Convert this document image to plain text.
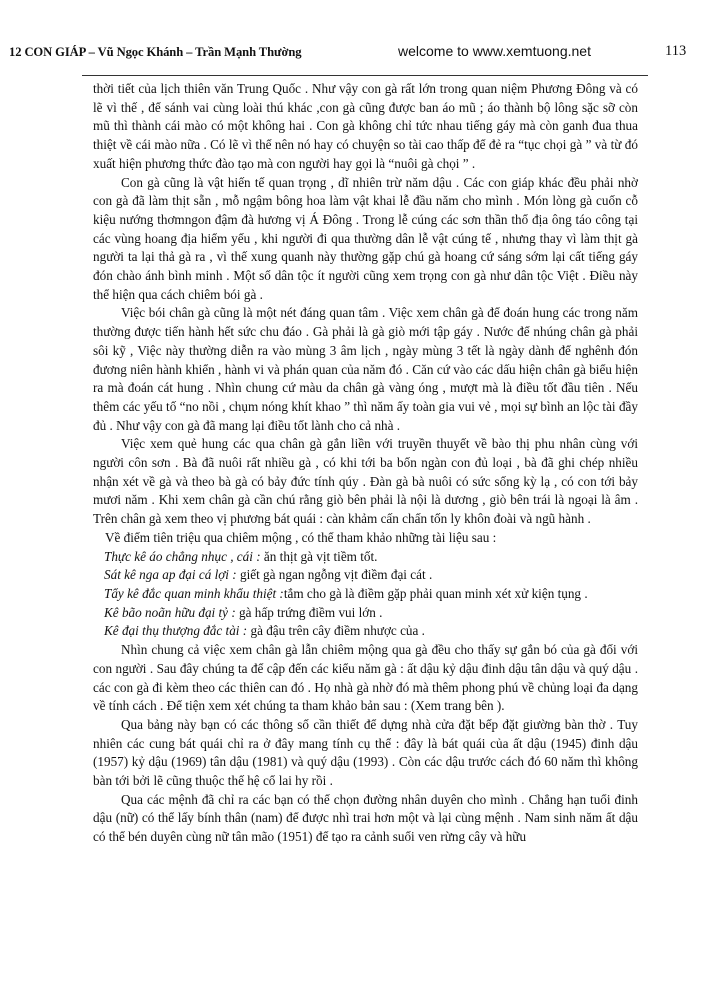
12 CON GIÁP – Vũ Ngọc Khánh – Trần Mạnh Thường	welcome to www.xemtuong.net	113

thời tiết của lịch thiên văn Trung Quốc . Như vậy con gà rất lớn trong quan niệm Phương Đông và có lẽ vì thế , để sánh vai cùng loài thú khác ,con gà cũng được ban áo mũ ; áo thành bộ lông sặc sỡ còn mũ thì thành cái mào có một không hai . Con gà không chỉ tức nhau tiếng gáy mà còn ganh đua thua thiệt về cái mào nữa . Có lẽ vì thế nên nó hay có chuyện so tài cao thấp để đẻ ra “tục chọi gà ” và từ đó xuất hiện phương thức đào tạo mà con người hay gọi là “nuôi gà chọi ” .

Con gà cũng là vật hiến tế quan trọng , dĩ nhiên trừ năm dậu . Các con giáp khác đều phải nhờ con gà đã làm thịt sẵn , mỗ ngậm bông hoa làm vật khai lễ đầu năm cho mình . Món lòng gà cuốn cỗ kiệu nướng thơmngon đậm đà hương vị Á Đông . Trong lễ cúng các sơn thần thổ địa ông táo công tại các vùng hoang địa hiểm yếu , khi người đi qua thường dân lễ vật cúng tế , nhưng thay vì làm thịt gà người ta lại thả gà ra , vì thế xung quanh này thường gặp chú gà hoang cứ sáng sớm lại cất tiếng gáy đón chào ánh bình minh . Một số dân tộc ít người cũng xem trọng con gà như dân tộc Việt . Điều này thể hiện qua cách chiêm bói gà .

Việc bói chân gà cũng là một nét đáng quan tâm . Việc xem chân gà để đoán hung các trong năm thường được tiến hành hết sức chu đáo . Gà phải là gà giò mới tập gáy . Nước để nhúng chân gà phải sôi kỹ , Việc này thường diễn ra vào mùng 3 âm lịch , ngày mùng 3 tết là ngày dành để nghênh đón đương niên hành khiển , hành vi và phán quan của năm đó . Căn cứ vào các dấu hiện chân gà biểu hiện ra mà đoán cát hung . Nhìn chung cứ màu da chân gà vàng óng , mượt mà là điều tốt đầu tiên . Nếu thêm các yếu tố “no nồi , chụm nóng khít khao ” thì năm ấy toàn gia vui vẻ , mọi sự bình an lộc tài đầy đủ . Như vậy con gà đã mang lại điều tốt lành cho cả nhà .

Việc xem quẻ hung các qua chân gà gắn liền với truyền thuyết về bào thị phu nhân cùng với người côn sơn . Bà đã nuôi rất nhiều gà , có khi tới ba bốn ngàn con đủ loại , bà đã ghi chép nhiều nhận xét về gà và theo bà gà có bảy đức tính qúy . Đàn gà bà nuôi có sức sống kỳ lạ , có con tới bảy mươi năm . Khi xem chân gà cần chú rằng giò bên phải là nội là dương , giò bên trái là ngoại là âm . Trên chân gà xem theo vị phương bát quái : càn khảm cấn chấn tốn ly khôn đoài và ngũ hành .

Về điểm tiên triệu qua chiêm mộng , có thể tham khảo những tài liệu sau :

Thực kê áo chẳng nhục , cái : ăn thịt gà vịt tiềm tốt.

Sát kê nga ap đại cá lợi : giết gà ngan ngỗng vịt điềm đại cát .

Tẩy kê đắc quan minh khẩu thiệt :tắm cho gà là điềm gặp phải quan minh xét xử kiện tụng .

Kê bão noãn hữu đại tỷ : gà hấp trứng điềm vui lớn .

Kê đại thụ thượng đắc tài : gà đậu trên cây điềm nhược của .

Nhìn chung cả việc xem chân gà lẫn chiêm mộng qua gà đều cho thấy sự gắn bó của gà đối với con người . Sau đây chúng ta để cập đến các kiểu năm gà : ất dậu kỷ dậu đinh dậu tân dậu và quý dậu . các con gà đi kèm theo các thiên can đó . Họ nhà gà nhờ đó mà thêm phong phú về chủng loại đa dạng về tính cách . Để tiện xem xét chúng ta tham khảo bản sau : (Xem trang bên ).

Qua bảng này bạn có các thông số cần thiết để dựng nhà cửa đặt bếp đặt giường bàn thờ . Tuy nhiên các cung bát quái chỉ ra ở đây mang tính cụ thể : đây là bát quái của ất dậu (1945) đinh dậu (1957) kỷ dậu (1969) tân dậu (1981) và quý dậu (1993) . Còn các dậu trước cách đó 60 năm thì không bàn tới bởi lẽ cũng thuộc thế hệ cổ lai hy rồi .

Qua các mệnh đã chỉ ra các bạn có thể chọn đường nhân duyên cho mình . Chẳng hạn tuổi đinh dậu (nữ) có thể lấy bính thân (nam) để được nhì trai hơn một và lại cùng mệnh . Nam sinh năm ất dậu có thể bén duyên cùng nữ tân mão (1951) để tạo ra cảnh suối ven rừng cây và hữu
